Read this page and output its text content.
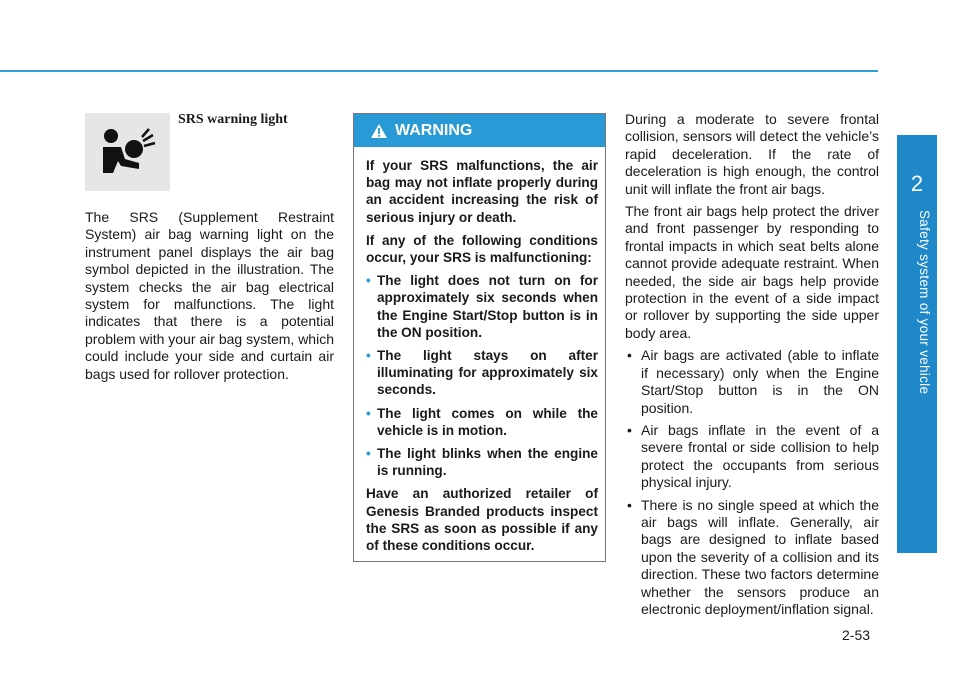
2
Safety system of your vehicle
SRS warning light

The SRS (Supplement Restraint System) air bag warning light on the instrument panel displays the air bag symbol depicted in the illustration. The system checks the air bag electrical system for malfunctions. The light indicates that there is a potential problem with your air bag system, which could include your side and curtain air bags used for rollover protection.

WARNING

If your SRS malfunctions, the air bag may not inflate properly during an accident increasing the risk of serious injury or death.

If any of the following conditions occur, your SRS is malfunctioning:

• The light does not turn on for approximately six seconds when the Engine Start/Stop button is in the ON position.

• The light stays on after illuminating for approximately six seconds.

• The light comes on while the vehicle is in motion.

• The light blinks when the engine is running.

Have an authorized retailer of Genesis Branded products inspect the SRS as soon as possible if any of these conditions occur.

During a moderate to severe frontal collision, sensors will detect the vehicle’s rapid deceleration. If the rate of deceleration is high enough, the control unit will inflate the front air bags.

The front air bags help protect the driver and front passenger by responding to frontal impacts in which seat belts alone cannot provide adequate restraint. When needed, the side air bags help provide protection in the event of a side impact or rollover by supporting the side upper body area.

• Air bags are activated (able to inflate if necessary) only when the Engine Start/Stop button is in the ON position.

• Air bags inflate in the event of a severe frontal or side collision to help protect the occupants from serious physical injury.

• There is no single speed at which the air bags will inflate. Generally, air bags are designed to inflate based upon the severity of a collision and its direction. These two factors determine whether the sensors produce an electronic deployment/inflation signal.

2-53
